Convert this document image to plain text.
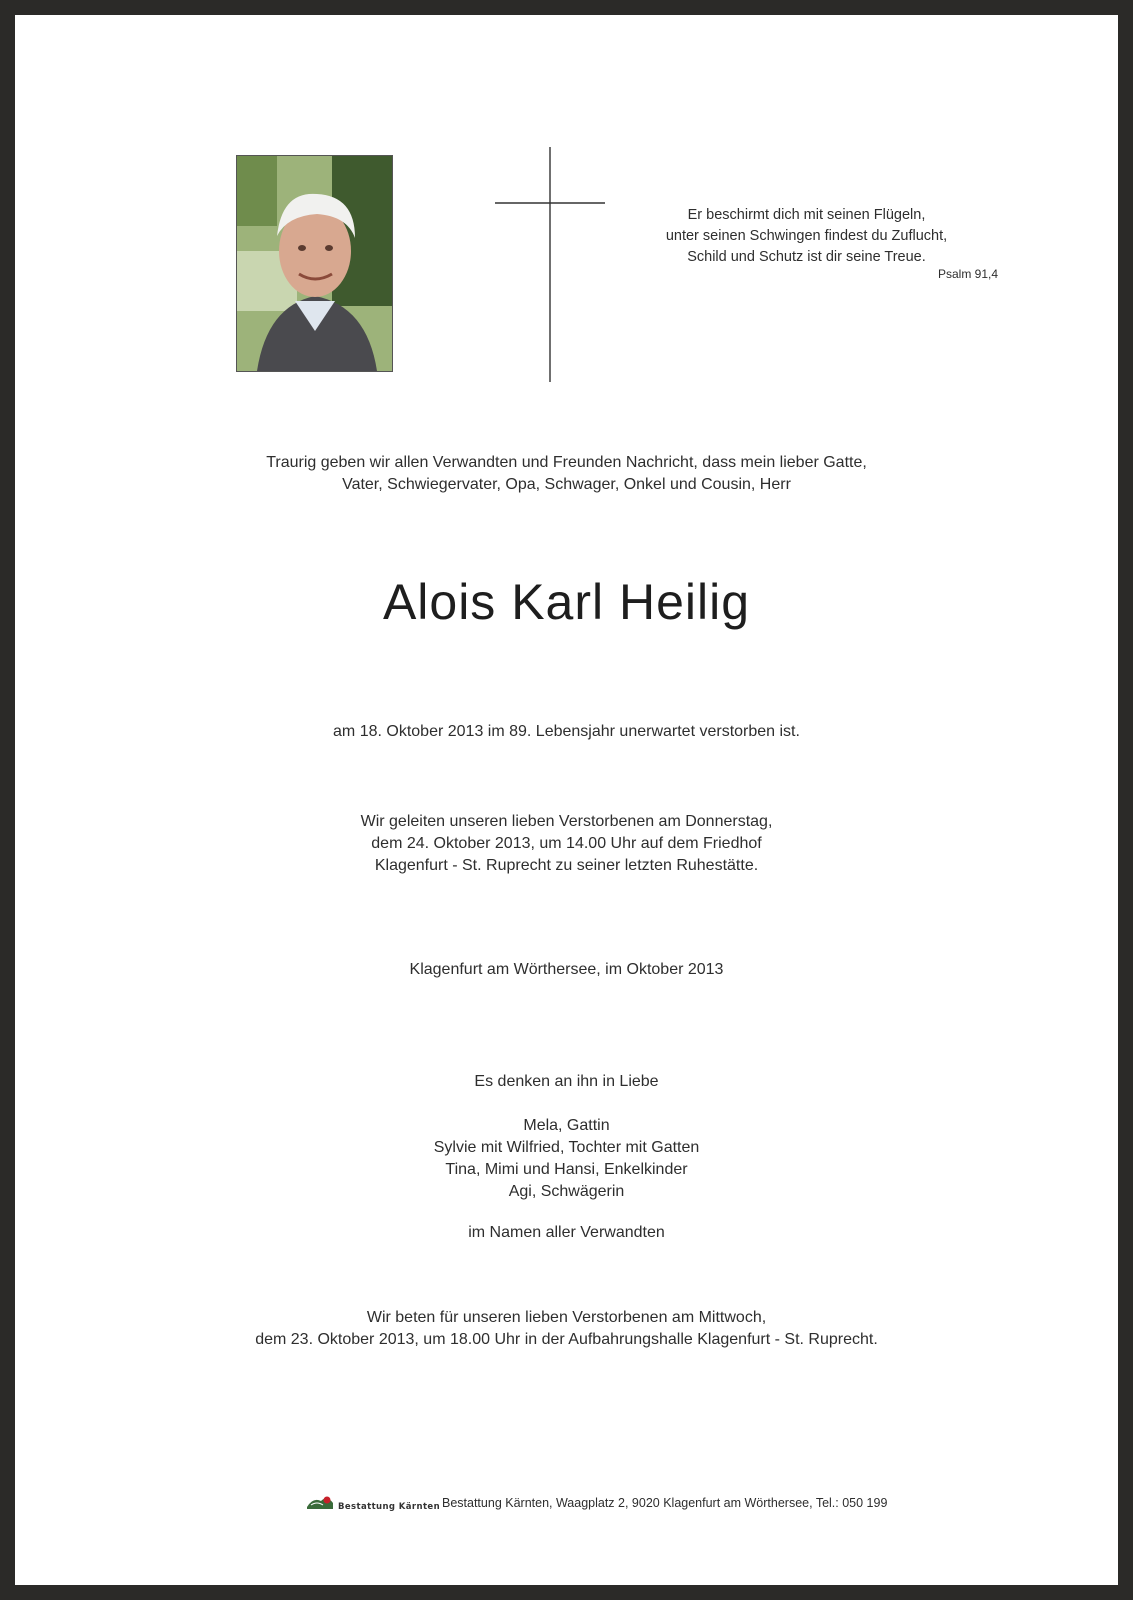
Er beschirmt dich mit seinen Flügeln,
unter seinen Schwingen findest du Zuflucht,
Schild und Schutz ist dir seine Treue.
Psalm 91,4
Traurig geben wir allen Verwandten und Freunden Nachricht, dass mein lieber Gatte,
Vater, Schwiegervater, Opa, Schwager, Onkel und Cousin, Herr
Alois Karl Heilig
am 18. Oktober 2013 im 89. Lebensjahr unerwartet verstorben ist.
Wir geleiten unseren lieben Verstorbenen am Donnerstag,
dem 24. Oktober 2013, um 14.00 Uhr auf dem Friedhof
Klagenfurt - St. Ruprecht zu seiner letzten Ruhestätte.
Klagenfurt am Wörthersee, im Oktober 2013
Es denken an ihn in Liebe
Mela, Gattin
Sylvie mit Wilfried, Tochter mit Gatten
Tina, Mimi und Hansi, Enkelkinder
Agi, Schwägerin
im Namen aller Verwandten
Wir beten für unseren lieben Verstorbenen am Mittwoch,
dem 23. Oktober 2013, um 18.00 Uhr in der Aufbahrungshalle Klagenfurt - St. Ruprecht.
Bestattung Kärnten Bestattung Kärnten, Waagplatz 2, 9020 Klagenfurt am Wörthersee, Tel.: 050 199
